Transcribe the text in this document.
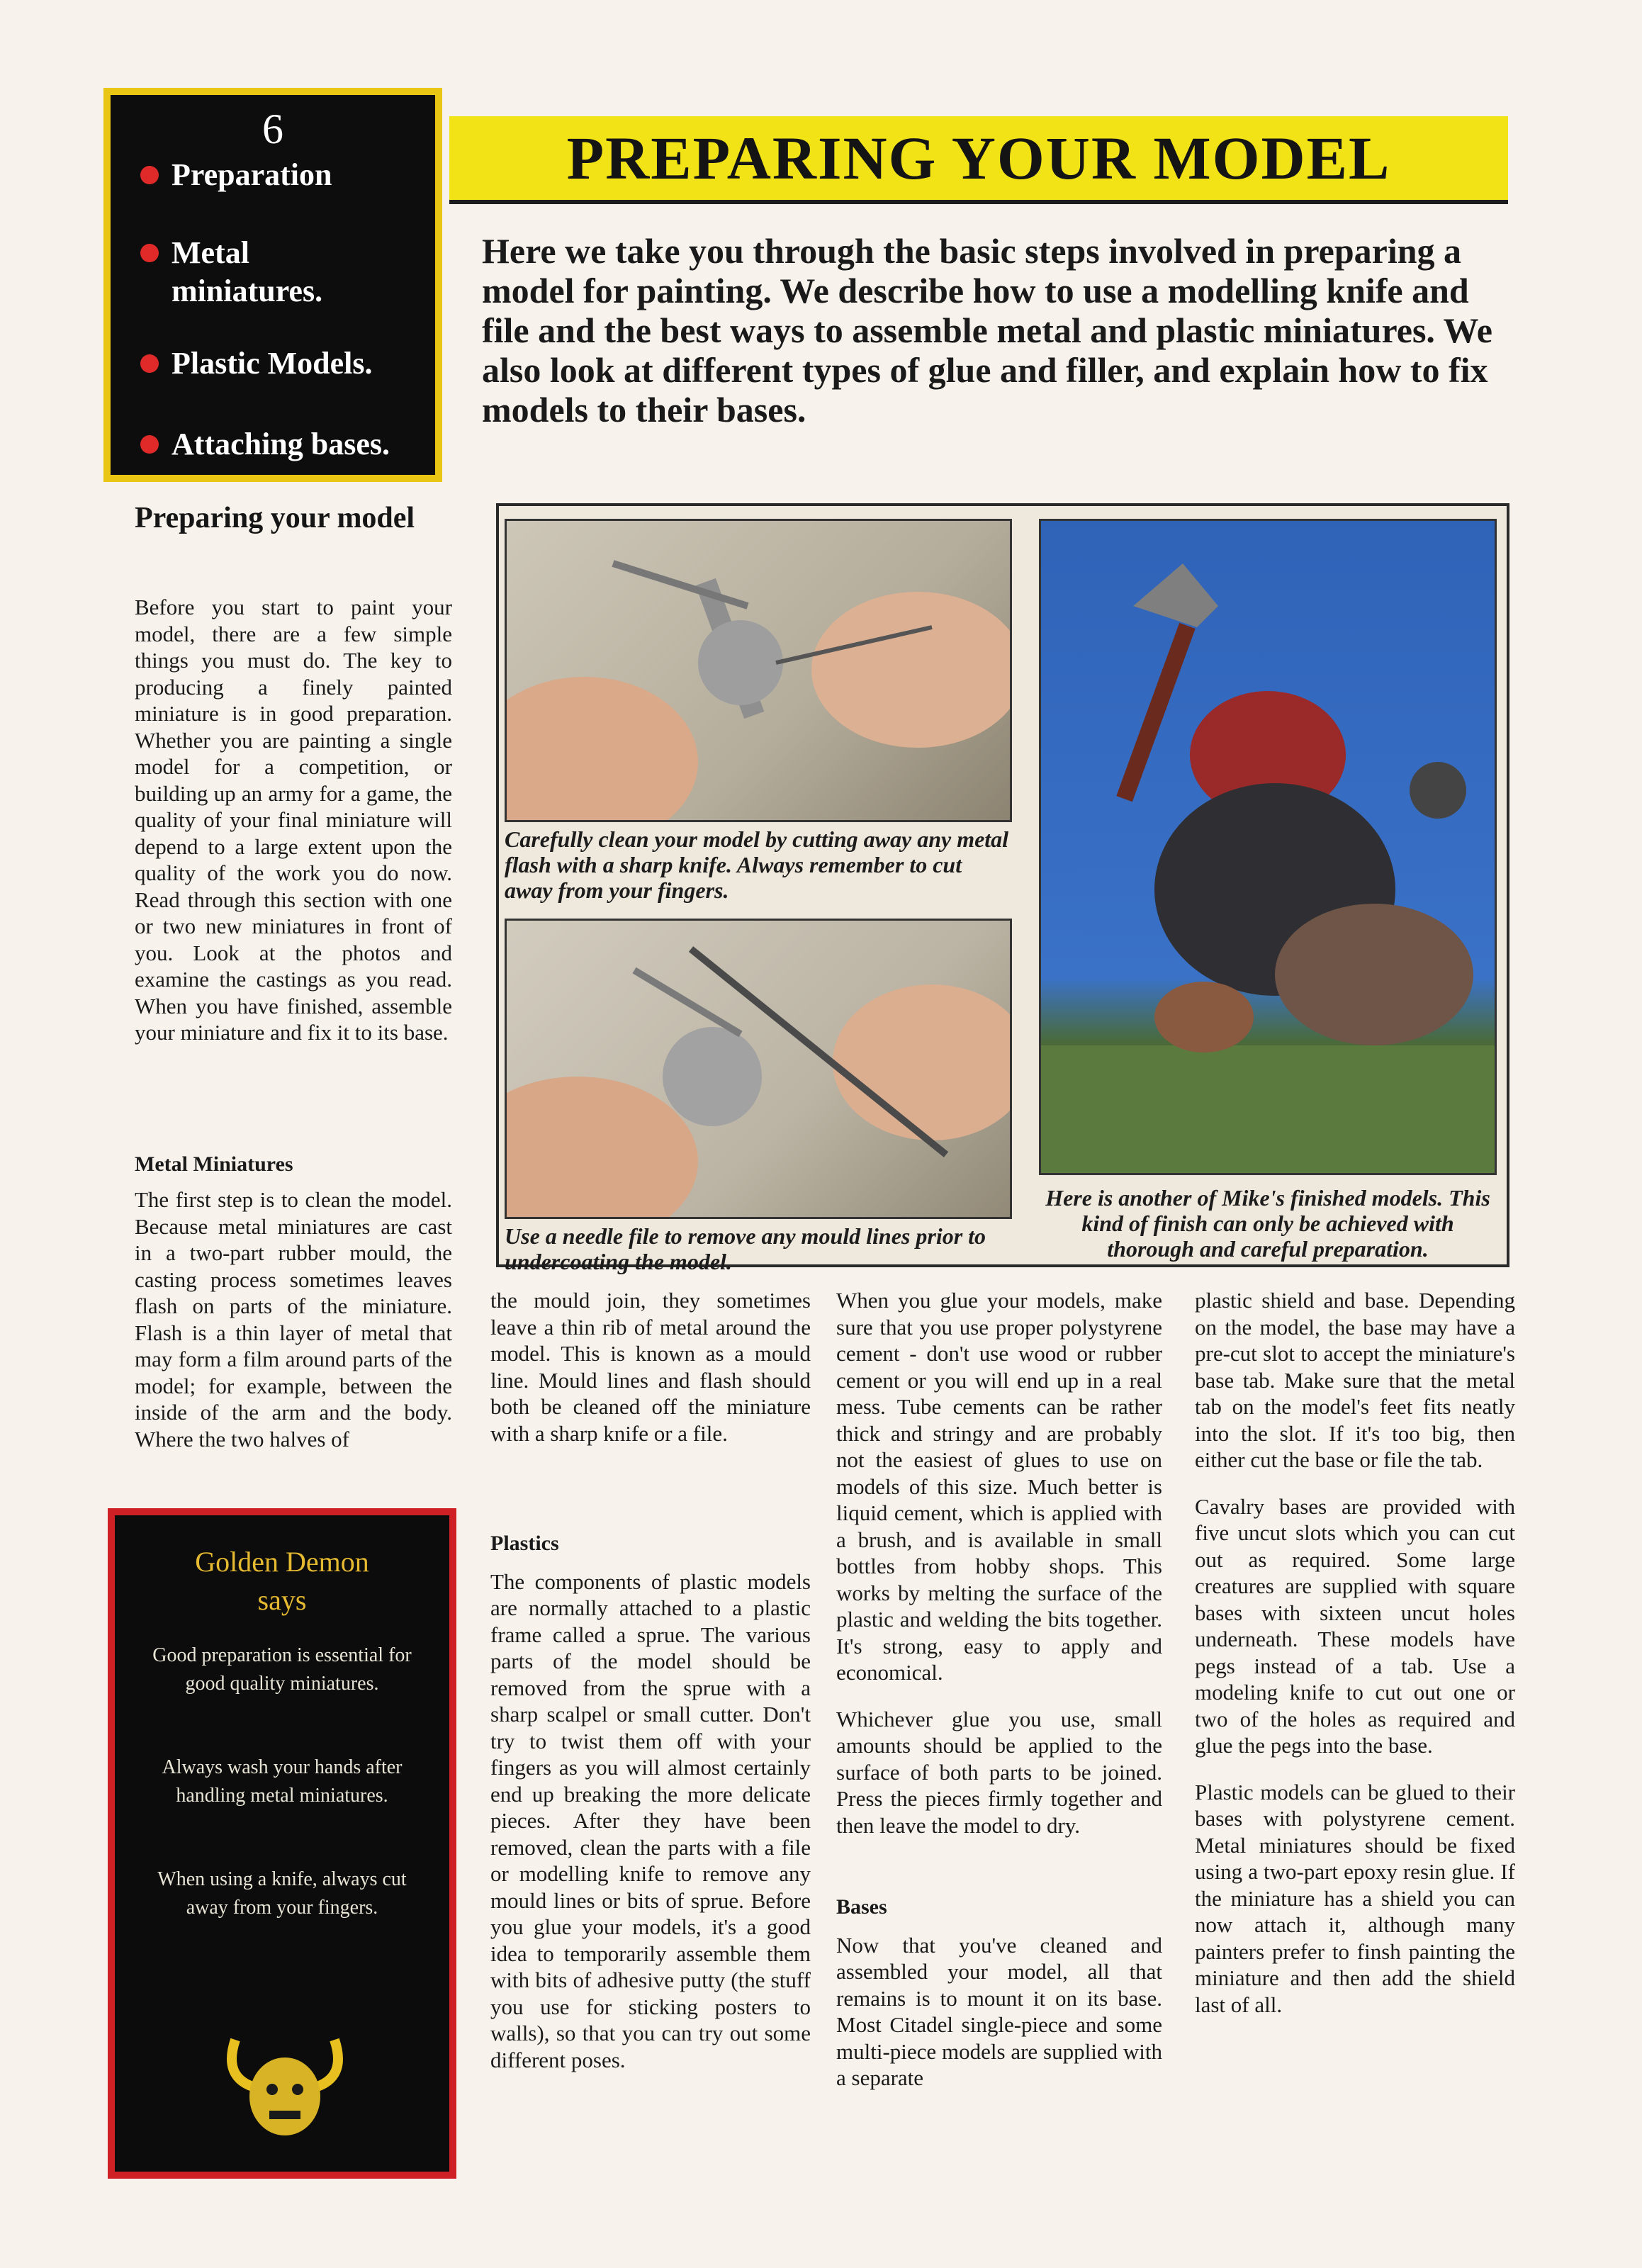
6
Preparation
Metal miniatures.
Plastic Models.
Attaching bases.
PREPARING YOUR MODEL
Here we take you through the basic steps involved in preparing a model for painting. We describe how to use a modelling knife and file and the best ways to assemble metal and plastic miniatures. We also look at different types of glue and filler, and explain how to fix models to their bases.
Carefully clean your model by cutting away any metal flash with a sharp knife. Always remember to cut away from your fingers.
Use a needle file to remove any mould lines prior to undercoating the model.
Here is another of Mike's finished models. This kind of finish can only be achieved with thorough and careful preparation.
Preparing your model
Before you start to paint your model, there are a few simple things you must do. The key to producing a finely painted miniature is in good preparation. Whether you are painting a single model for a competition, or building up an army for a game, the quality of your final miniature will depend to a large extent upon the quality of the work you do now. Read through this section with one or two new miniatures in front of you. Look at the photos and examine the castings as you read. When you have finished, assemble your miniature and fix it to its base.
Metal Miniatures
The first step is to clean the model. Because metal miniatures are cast in a two-part rubber mould, the casting process sometimes leaves flash on parts of the miniature. Flash is a thin layer of metal that may form a film around parts of the model; for example, between the inside of the arm and the body. Where the two halves of
Golden Demon
says
Good preparation is essential for good quality miniatures.
Always wash your hands after handling metal miniatures.
When using a knife, always cut away from your fingers.

the mould join, they sometimes leave a thin rib of metal around the model. This is known as a mould line. Mould lines and flash should both be cleaned off the miniature with a sharp knife or a file.

Plastics

The components of plastic models are normally attached to a plastic frame called a sprue. The various parts of the model should be removed from the sprue with a sharp scalpel or small cutter. Don't try to twist them off with your fingers as you will almost certainly end up breaking the more delicate pieces. After they have been removed, clean the parts with a file or modelling knife to remove any mould lines or bits of sprue. Before you glue your models, it's a good idea to temporarily assemble them with bits of adhesive putty (the stuff you use for sticking posters to walls), so that you can try out some different poses.

When you glue your models, make sure that you use proper polystyrene cement - don't use wood or rubber cement or you will end up in a real mess. Tube cements can be rather thick and stringy and are probably not the easiest of glues to use on models of this size. Much better is liquid cement, which is applied with a brush, and is available in small bottles from hobby shops. This works by melting the surface of the plastic and welding the bits together. It's strong, easy to apply and economical.

Whichever glue you use, small amounts should be applied to the surface of both parts to be joined. Press the pieces firmly together and then leave the model to dry.

Bases

Now that you've cleaned and assembled your model, all that remains is to mount it on its base. Most Citadel single-piece and some multi-piece models are supplied with a separate

plastic shield and base. Depending on the model, the base may have a pre-cut slot to accept the miniature's base tab. Make sure that the metal tab on the model's feet fits neatly into the slot. If it's too big, then either cut the base or file the tab.

Cavalry bases are provided with five uncut slots which you can cut out as required. Some large creatures are supplied with square bases with sixteen uncut holes underneath. These models have pegs instead of a tab. Use a modeling knife to cut out one or two of the holes as required and glue the pegs into the base.

Plastic models can be glued to their bases with polystyrene cement. Metal miniatures should be fixed using a two-part epoxy resin glue. If the miniature has a shield you can now attach it, although many painters prefer to finsh painting the miniature and then add the shield last of all.
